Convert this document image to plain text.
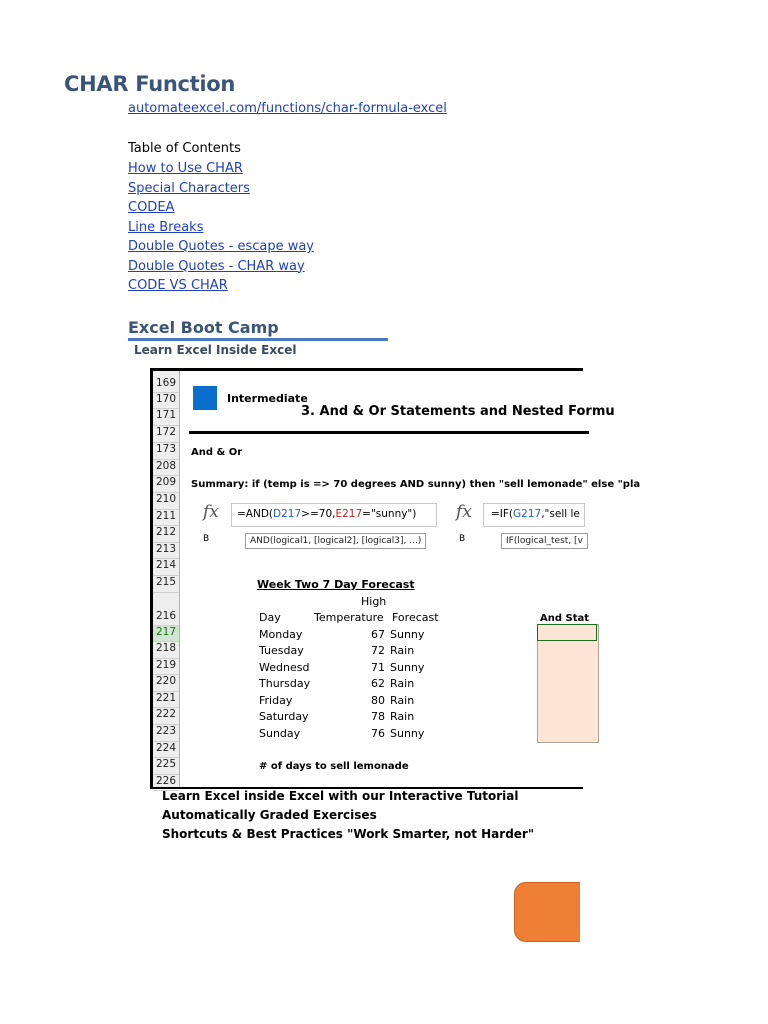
CHAR Function
automateexcel.com/functions/char-formula-excel
Table of Contents
How to Use CHAR
Special Characters
CODEA
Line Breaks
Double Quotes - escape way
Double Quotes - CHAR way
CODE VS CHAR
Excel Boot Camp
Learn Excel Inside Excel
169
170
171
172
173
208
209
210
211
212
213
214
215
216
217
218
219
220
221
222
223
224
225
226
Intermediate
3. And & Or Statements and Nested Formu
And & Or
Summary: if (temp is => 70 degrees AND sunny) then "sell lemonade" else "pla
fx =AND(D217>=70,E217="sunny") fx =IF(G217,"sell le
B	AND(logical1, [logical2], [logical3], ...)	B	IF(logical_test, [v
Week Two 7 Day Forecast
High
Day	Temperature Forecast
Monday	67 Sunny
Tuesday	72 Rain
Wednesd	71 Sunny
Thursday	62 Rain
Friday	80 Rain
Saturday	78 Rain
Sunday	76 Sunny
And Stat
# of days to sell lemonade
Learn Excel inside Excel with our Interactive Tutorial
Automatically Graded Exercises
Shortcuts & Best Practices "Work Smarter, not Harder"
